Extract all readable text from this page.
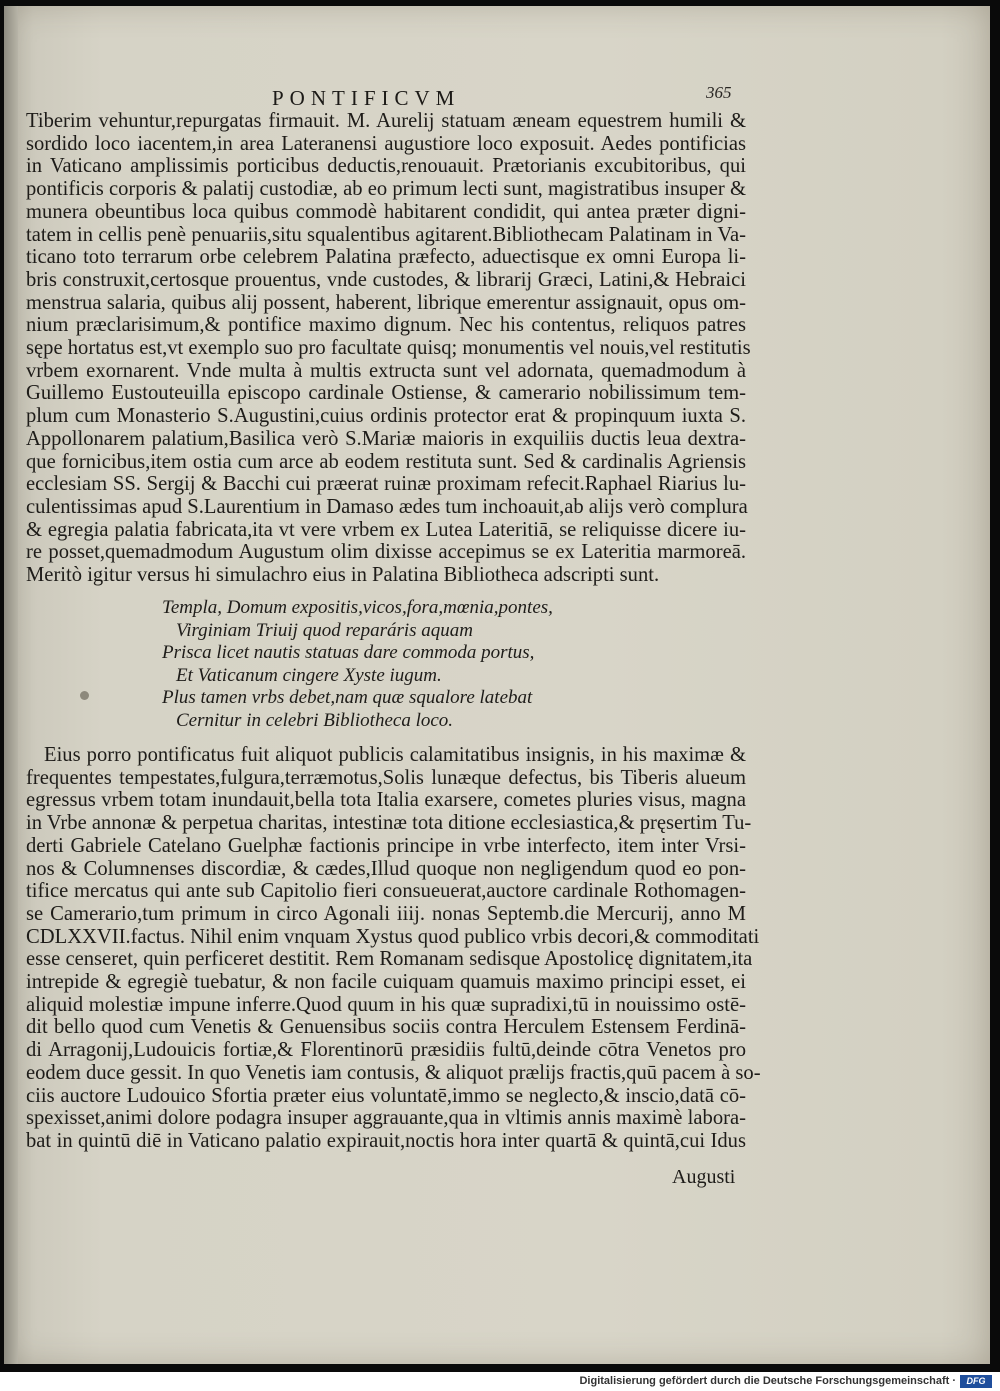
PONTIFICVM	365
Tiberim vehuntur,repurgatas firmauit. M. Aurelij statuam æneam equestrem humili &
sordido loco iacentem,in area Lateranensi augustiore loco exposuit. Aedes pontificias
in Vaticano amplissimis porticibus deductis,renouauit. Prætorianis excubitoribus, qui
pontificis corporis & palatij custodiæ, ab eo primum lecti sunt, magistratibus insuper &
munera obeuntibus loca quibus commodè habitarent condidit, qui antea præter digni-
tatem in cellis penè penuariis,situ squalentibus agitarent.Bibliothecam Palatinam in Va-
ticano toto terrarum orbe celebrem Palatina præfecto, aduectisque ex omni Europa li-
bris construxit,certosque prouentus, vnde custodes, & librarij Græci, Latini,& Hebraici
menstrua salaria, quibus alij possent, haberent, librique emerentur assignauit, opus om-
nium præclarisimum,& pontifice maximo dignum. Nec his contentus, reliquos patres
sępe hortatus est,vt exemplo suo pro facultate quisq; monumentis vel nouis,vel restitutis
vrbem exornarent. Vnde multa à multis extructa sunt vel adornata, quemadmodum à
Guillemo Eustouteuilla episcopo cardinale Ostiense, & camerario nobilissimum tem-
plum cum Monasterio S.Augustini,cuius ordinis protector erat & propinquum iuxta S.
Appollonarem palatium,Basilica verò S.Mariæ maioris in exquiliis ductis leua dextra-
que fornicibus,item ostia cum arce ab eodem restituta sunt. Sed & cardinalis Agriensis
ecclesiam SS. Sergij & Bacchi cui præerat ruinæ proximam refecit.Raphael Riarius lu-
culentissimas apud S.Laurentium in Damaso ædes tum inchoauit,ab alijs verò complura
& egregia palatia fabricata,ita vt vere vrbem ex Lutea Lateritiā, se reliquisse dicere iu-
re posset,quemadmodum Augustum olim dixisse accepimus se ex Lateritia marmoreā.
Meritò igitur versus hi simulachro eius in Palatina Bibliotheca adscripti sunt.
Templa, Domum expositis,vicos,fora,mœnia,pontes,
Virginiam Triuij quod reparáris aquam
Prisca licet nautis statuas dare commoda portus,
Et Vaticanum cingere Xyste iugum.
Plus tamen vrbs debet,nam quæ squalore latebat
Cernitur in celebri Bibliotheca loco.
Eius porro pontificatus fuit aliquot publicis calamitatibus insignis, in his maximæ &
frequentes tempestates,fulgura,terræmotus,Solis lunæque defectus, bis Tiberis alueum
egressus vrbem totam inundauit,bella tota Italia exarsere, cometes pluries visus, magna
in Vrbe annonæ & perpetua charitas, intestinæ tota ditione ecclesiastica,& pręsertim Tu-
derti Gabriele Catelano Guelphæ factionis principe in vrbe interfecto, item inter Vrsi-
nos & Columnenses discordiæ, & cædes,Illud quoque non negligendum quod eo pon-
tifice mercatus qui ante sub Capitolio fieri consueuerat,auctore cardinale Rothomagen-
se Camerario,tum primum in circo Agonali iiij. nonas Septemb.die Mercurij, anno M
CDLXXVII.factus. Nihil enim vnquam Xystus quod publico vrbis decori,& commoditati
esse censeret, quin perficeret destitit. Rem Romanam sedisque Apostolicę dignitatem,ita
intrepide & egregiè tuebatur, & non facile cuiquam quamuis maximo principi esset, ei
aliquid molestiæ impune inferre.Quod quum in his quæ supradixi,tū in nouissimo ostē-
dit bello quod cum Venetis & Genuensibus sociis contra Herculem Estensem Ferdinā-
di Arragonij,Ludouicis fortiæ,& Florentinorū præsidiis fultū,deinde cōtra Venetos pro
eodem duce gessit. In quo Venetis iam contusis, & aliquot prælijs fractis,quū pacem à so-
ciis auctore Ludouico Sfortia præter eius voluntatē,immo se neglecto,& inscio,datā cō-
spexisset,animi dolore podagra insuper aggrauante,qua in vltimis annis maximè labora-
bat in quintū diē in Vaticano palatio expirauit,noctis hora inter quartā & quintā,cui Idus
Augusti
Digitalisierung gefördert durch die Deutsche Forschungsgemeinschaft ·	DFG
